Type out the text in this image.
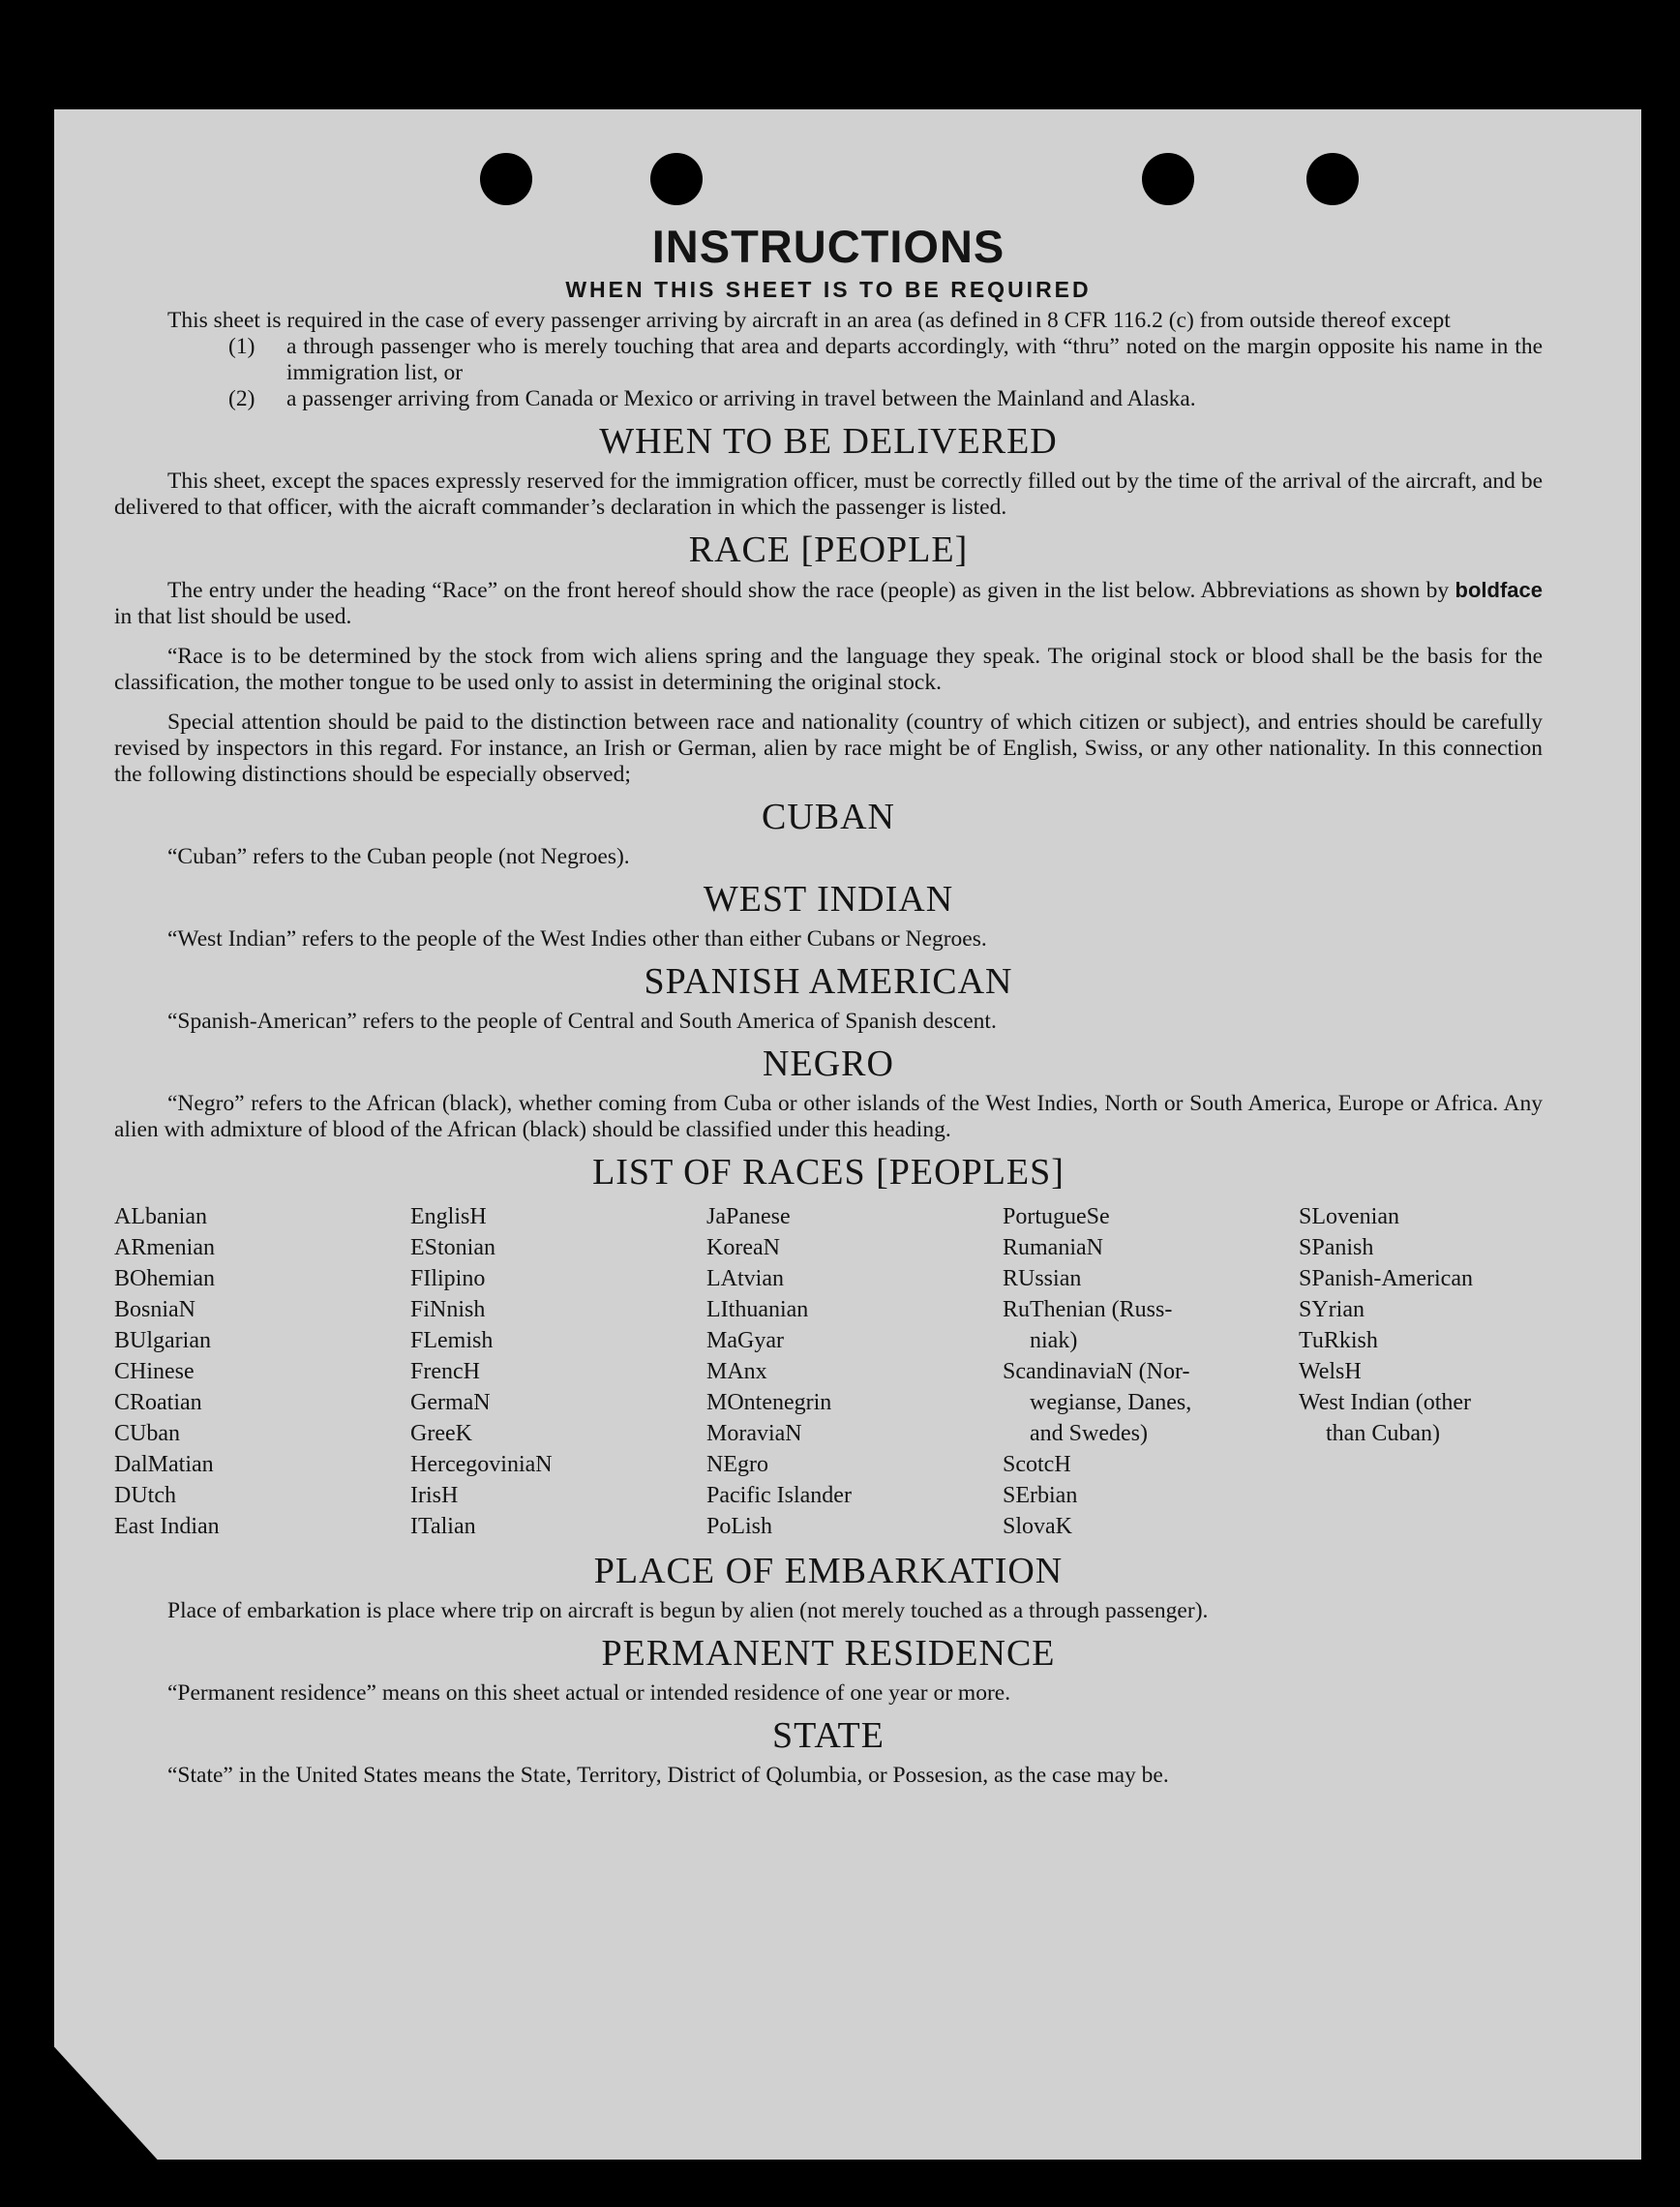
INSTRUCTIONS
WHEN THIS SHEET IS TO BE REQUIRED

This sheet is required in the case of every passenger arriving by aircraft in an area (as defined in 8 CFR 116.2 (c) from outside thereof except

(1)	a through passenger who is merely touching that area and departs accordingly, with “thru” noted on the margin opposite his name in the immigration list, or
(2)	a passenger arriving from Canada or Mexico or arriving in travel between the Mainland and Alaska.
WHEN TO BE DELIVERED

This sheet, except the spaces expressly reserved for the immigration officer, must be correctly filled out by the time of the arrival of the aircraft, and be delivered to that officer, with the aicraft commander’s declaration in which the passenger is listed.

RACE [PEOPLE]

The entry under the heading “Race” on the front hereof should show the race (people) as given in the list below. Abbreviations as shown by boldface in that list should be used.

“Race is to be determined by the stock from wich aliens spring and the language they speak. The original stock or blood shall be the basis for the classification, the mother tongue to be used only to assist in determining the original stock.

Special attention should be paid to the distinction between race and nationality (country of which citizen or subject), and entries should be carefully revised by inspectors in this regard. For instance, an Irish or German, alien by race might be of English, Swiss, or any other nationality. In this connection the following distinctions should be especially observed;

CUBAN

“Cuban” refers to the Cuban people (not Negroes).

WEST INDIAN

“West Indian” refers to the people of the West Indies other than either Cubans or Negroes.

SPANISH AMERICAN

“Spanish-American” refers to the people of Central and South America of Spanish descent.

NEGRO

“Negro” refers to the African (black), whether coming from Cuba or other islands of the West Indies, North or South America, Europe or Africa. Any alien with admixture of blood of the African (black) should be classified under this heading.

LIST OF RACES [PEOPLES]
ALbanian
ARmenian
BOhemian
BosniaN
BUlgarian
CHinese
CRoatian
CUban
DalMatian
DUtch
East Indian
EnglisH
EStonian
FIlipino
FiNnish
FLemish
FrencH
GermaN
GreeK
HercegoviniaN
IrisH
ITalian
JaPanese
KoreaN
LAtvian
LIthuanian
MaGyar
MAnx
MOntenegrin
MoraviaN
NEgro
Pacific Islander
PoLish
PortugueSe
RumaniaN
RUssian
RuThenian (Russ-
niak)
ScandinaviaN (Nor-
wegianse, Danes,
and Swedes)
ScotcH
SErbian
SlovaK
SLovenian
SPanish
SPanish-American
SYrian
TuRkish
WelsH
West Indian (other
than Cuban)
PLACE OF EMBARKATION

Place of embarkation is place where trip on aircraft is begun by alien (not merely touched as a through passenger).

PERMANENT RESIDENCE

“Permanent residence” means on this sheet actual or intended residence of one year or more.

STATE

“State” in the United States means the State, Territory, District of Qolumbia, or Possesion, as the case may be.
